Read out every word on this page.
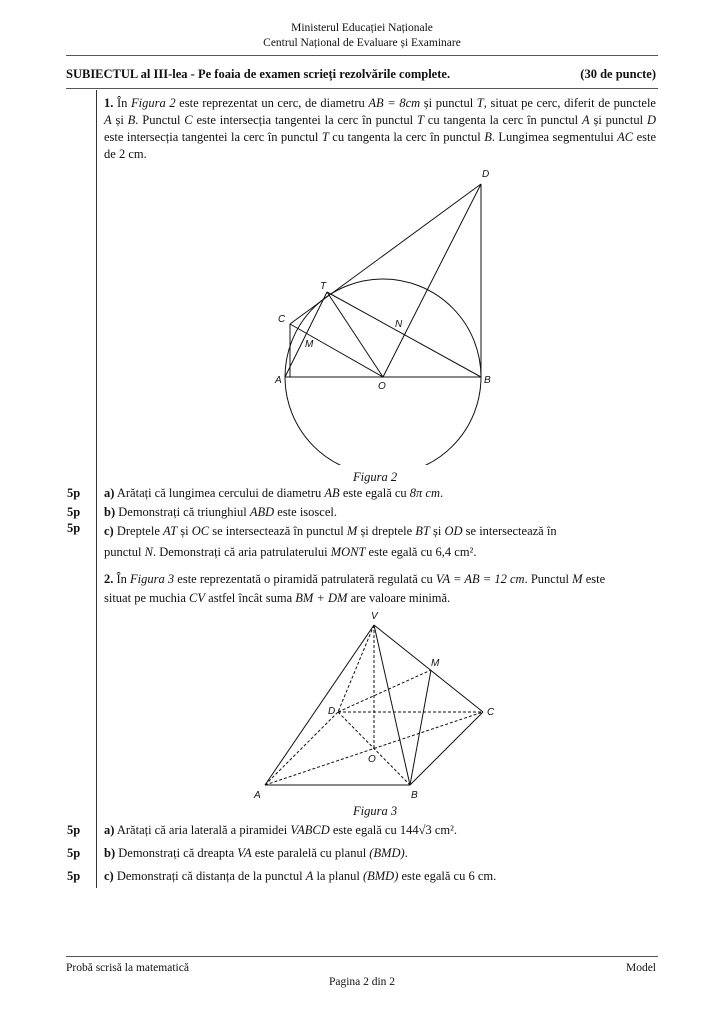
Ministerul Educației Naționale
Centrul Național de Evaluare și Examinare
SUBIECTUL al III-lea - Pe foaia de examen scrieți rezolvările complete.	(30 de puncte)
1. În Figura 2 este reprezentat un cerc, de diametru AB = 8cm și punctul T, situat pe cerc, diferit de punctele A și B. Punctul C este intersecția tangentei la cerc în punctul T cu tangenta la cerc în punctul A și punctul D este intersecția tangentei la cerc în punctul T cu tangenta la cerc în punctul B. Lungimea segmentului AC este de 2 cm.
D
T
C	N
M
A
O
B
Figura 2
5p a) Arătați că lungimea cercului de diametru AB este egală cu 8π cm.
5p b) Demonstrați că triunghiul ABD este isoscel.
5p c) Dreptele AT și OC se intersectează în punctul M și dreptele BT și OD se intersectează în
punctul N. Demonstrați că aria patrulaterului MONT este egală cu 6,4 cm².
2. În Figura 3 este reprezentată o piramidă patrulateră regulată cu VA = AB = 12 cm. Punctul M este
situat pe muchia CV astfel încât suma BM + DM are valoare minimă.
V
M
D	C
O
A	B
Figura 3
5p a) Arătați că aria laterală a piramidei VABCD este egală cu 144√3 cm².
5p b) Demonstrați că dreapta VA este paralelă cu planul (BMD).
5p c) Demonstrați că distanța de la punctul A la planul (BMD) este egală cu 6 cm.
Probă scrisă la matematică	Model
Pagina 2 din 2
